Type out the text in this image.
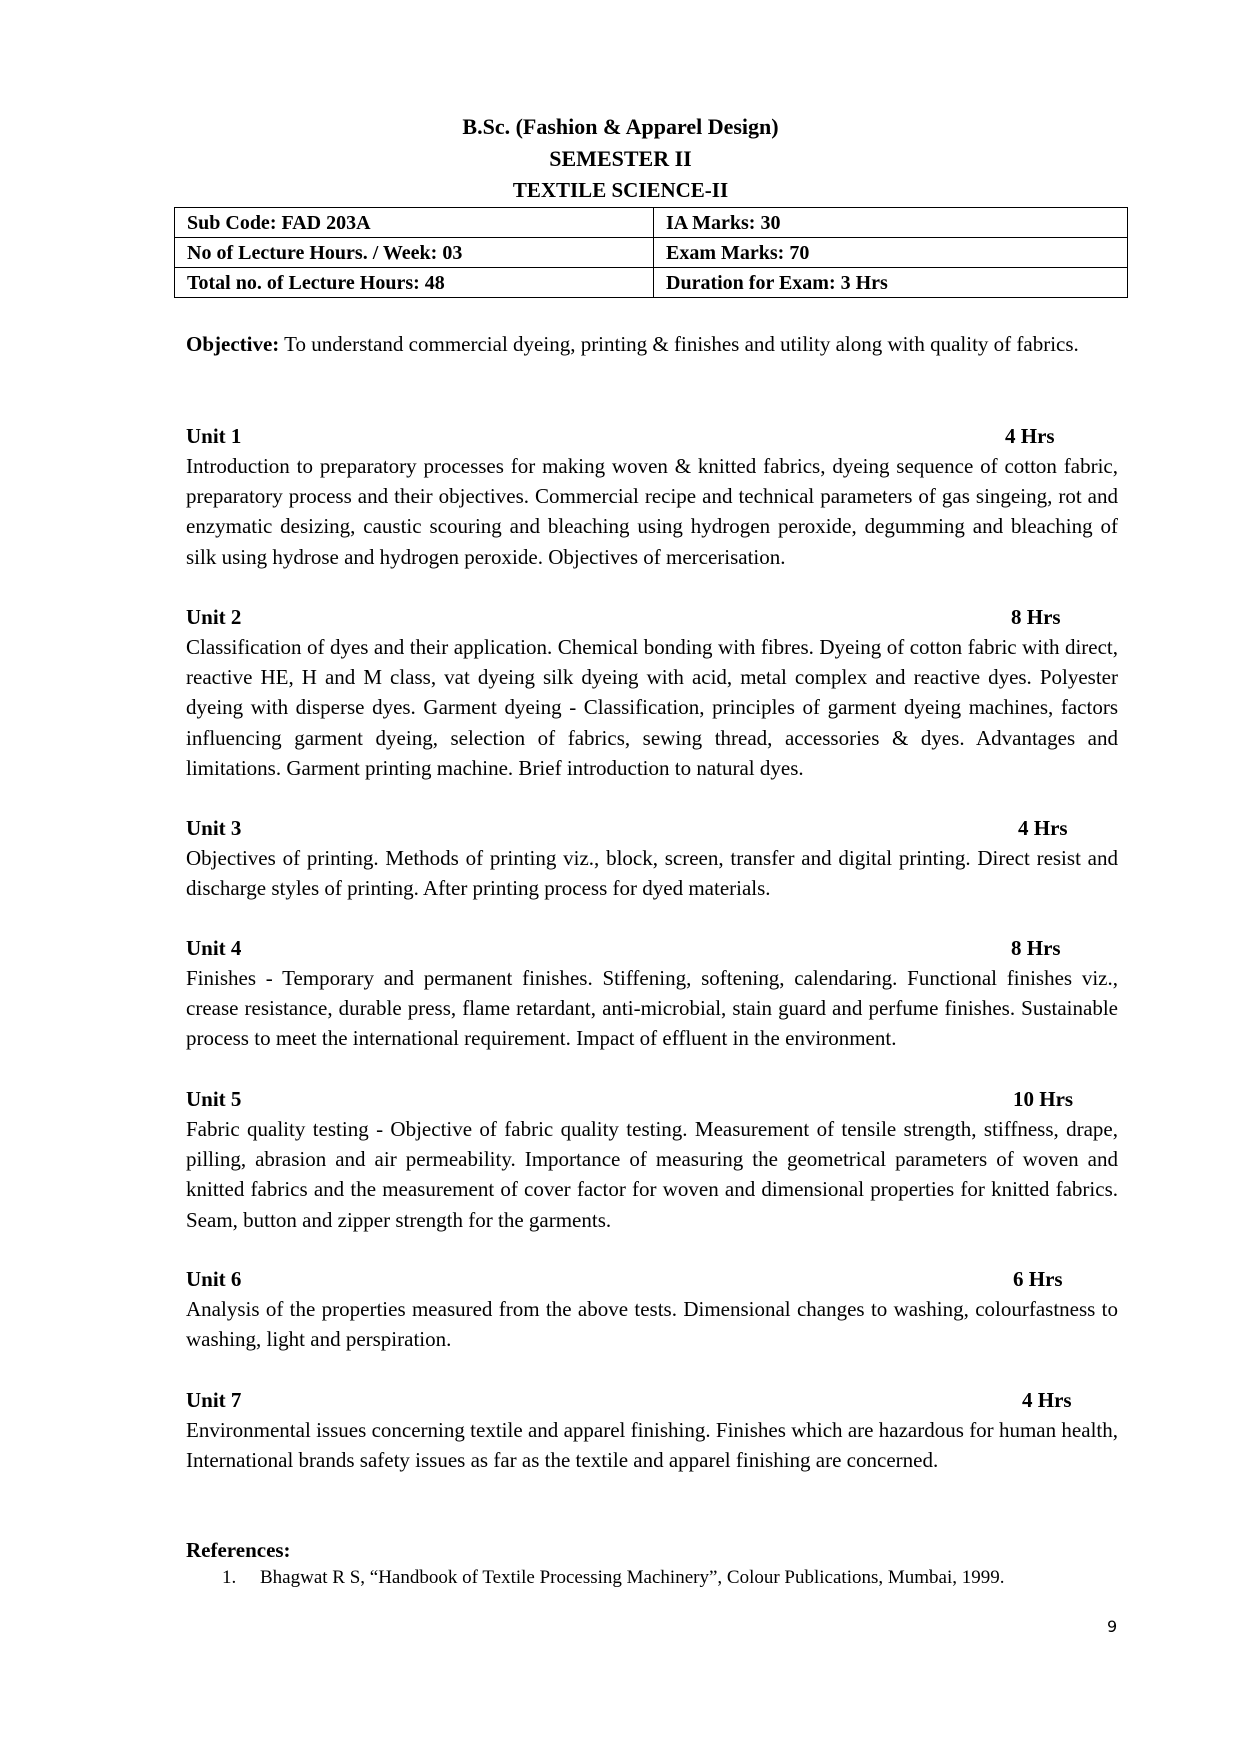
B.Sc. (Fashion & Apparel Design)
SEMESTER II
TEXTILE SCIENCE-II
Sub Code: FAD 203A	IA Marks: 30
No of Lecture Hours. / Week: 03	Exam Marks: 70
Total no. of Lecture Hours: 48	Duration for Exam: 3 Hrs
Objective: To understand commercial dyeing, printing & finishes and utility along with quality of fabrics.
Unit 1	4 Hrs
Introduction to preparatory processes for making woven & knitted fabrics, dyeing sequence of cotton fabric, preparatory process and their objectives. Commercial recipe and technical parameters of gas singeing, rot and enzymatic desizing, caustic scouring and bleaching using hydrogen peroxide, degumming and bleaching of silk using hydrose and hydrogen peroxide. Objectives of mercerisation.
Unit 2	8 Hrs
Classification of dyes and their application. Chemical bonding with fibres. Dyeing of cotton fabric with direct, reactive HE, H and M class, vat dyeing silk dyeing with acid, metal complex and reactive dyes. Polyester dyeing with disperse dyes. Garment dyeing - Classification, principles of garment dyeing machines, factors influencing garment dyeing, selection of fabrics, sewing thread, accessories & dyes. Advantages and limitations. Garment printing machine. Brief introduction to natural dyes.
Unit 3	4 Hrs
Objectives of printing. Methods of printing viz., block, screen, transfer and digital printing. Direct resist and discharge styles of printing. After printing process for dyed materials.
Unit 4	8 Hrs
Finishes - Temporary and permanent finishes. Stiffening, softening, calendaring. Functional finishes viz., crease resistance, durable press, flame retardant, anti-microbial, stain guard and perfume finishes. Sustainable process to meet the international requirement. Impact of effluent in the environment.
Unit 5	10 Hrs
Fabric quality testing - Objective of fabric quality testing. Measurement of tensile strength, stiffness, drape, pilling, abrasion and air permeability. Importance of measuring the geometrical parameters of woven and knitted fabrics and the measurement of cover factor for woven and dimensional properties for knitted fabrics. Seam, button and zipper strength for the garments.
Unit 6	6 Hrs
Analysis of the properties measured from the above tests. Dimensional changes to washing, colourfastness to washing, light and perspiration.
Unit 7	4 Hrs
Environmental issues concerning textile and apparel finishing. Finishes which are hazardous for human health, International brands safety issues as far as the textile and apparel finishing are concerned.
References:
1. Bhagwat R S, “Handbook of Textile Processing Machinery”, Colour Publications, Mumbai, 1999.
9
